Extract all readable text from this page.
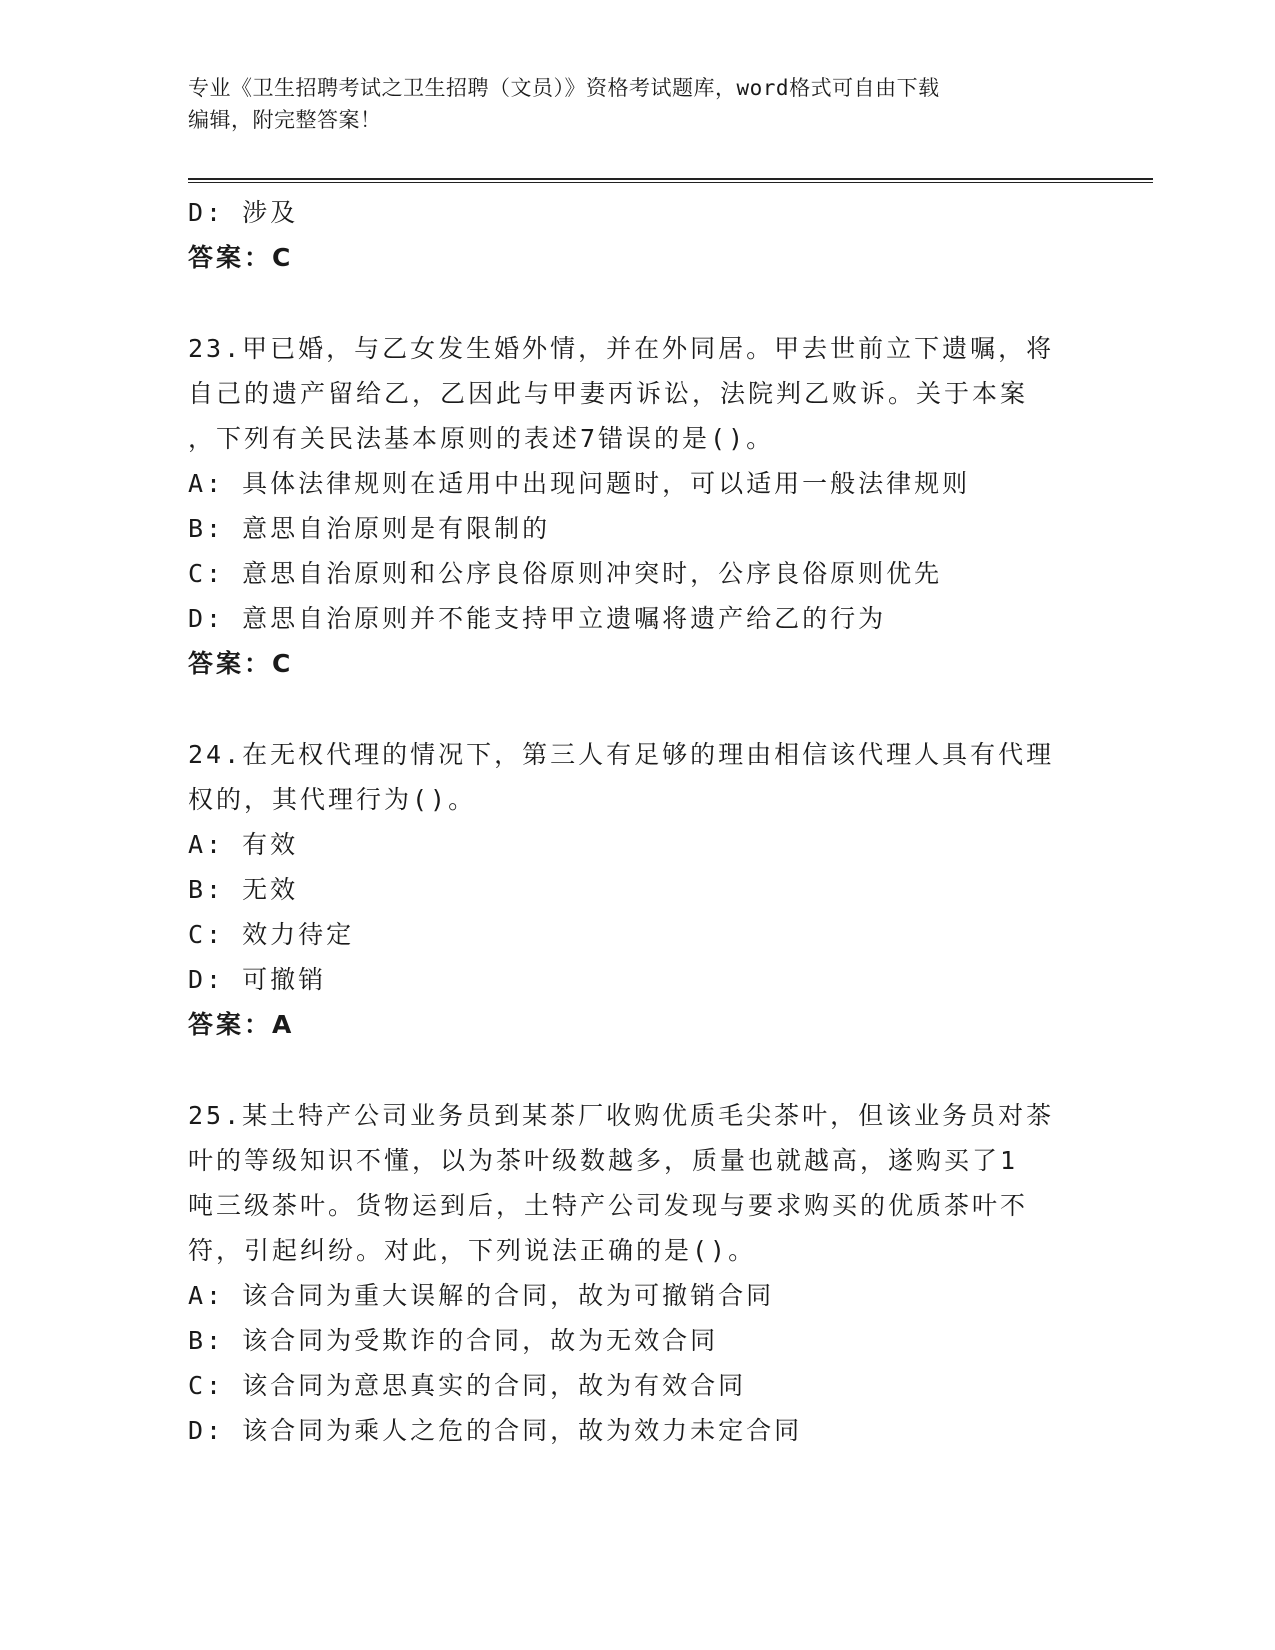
专业《卫生招聘考试之卫生招聘（文员）》资格考试题库，word格式可自由下载
编辑，附完整答案！
D: 涉及
答案：C
23.甲已婚，与乙女发生婚外情，并在外同居。甲去世前立下遗嘱，将
自己的遗产留给乙，乙因此与甲妻丙诉讼，法院判乙败诉。关于本案
，下列有关民法基本原则的表述7错误的是()。
A: 具体法律规则在适用中出现问题时，可以适用一般法律规则
B: 意思自治原则是有限制的
C: 意思自治原则和公序良俗原则冲突时，公序良俗原则优先
D: 意思自治原则并不能支持甲立遗嘱将遗产给乙的行为
答案：C
24.在无权代理的情况下，第三人有足够的理由相信该代理人具有代理
权的，其代理行为()。
A: 有效
B: 无效
C: 效力待定
D: 可撤销
答案：A
25.某土特产公司业务员到某茶厂收购优质毛尖茶叶，但该业务员对茶
叶的等级知识不懂，以为茶叶级数越多，质量也就越高，遂购买了1
吨三级茶叶。货物运到后，土特产公司发现与要求购买的优质茶叶不
符，引起纠纷。对此，下列说法正确的是()。
A: 该合同为重大误解的合同，故为可撤销合同
B: 该合同为受欺诈的合同，故为无效合同
C: 该合同为意思真实的合同，故为有效合同
D: 该合同为乘人之危的合同，故为效力未定合同
